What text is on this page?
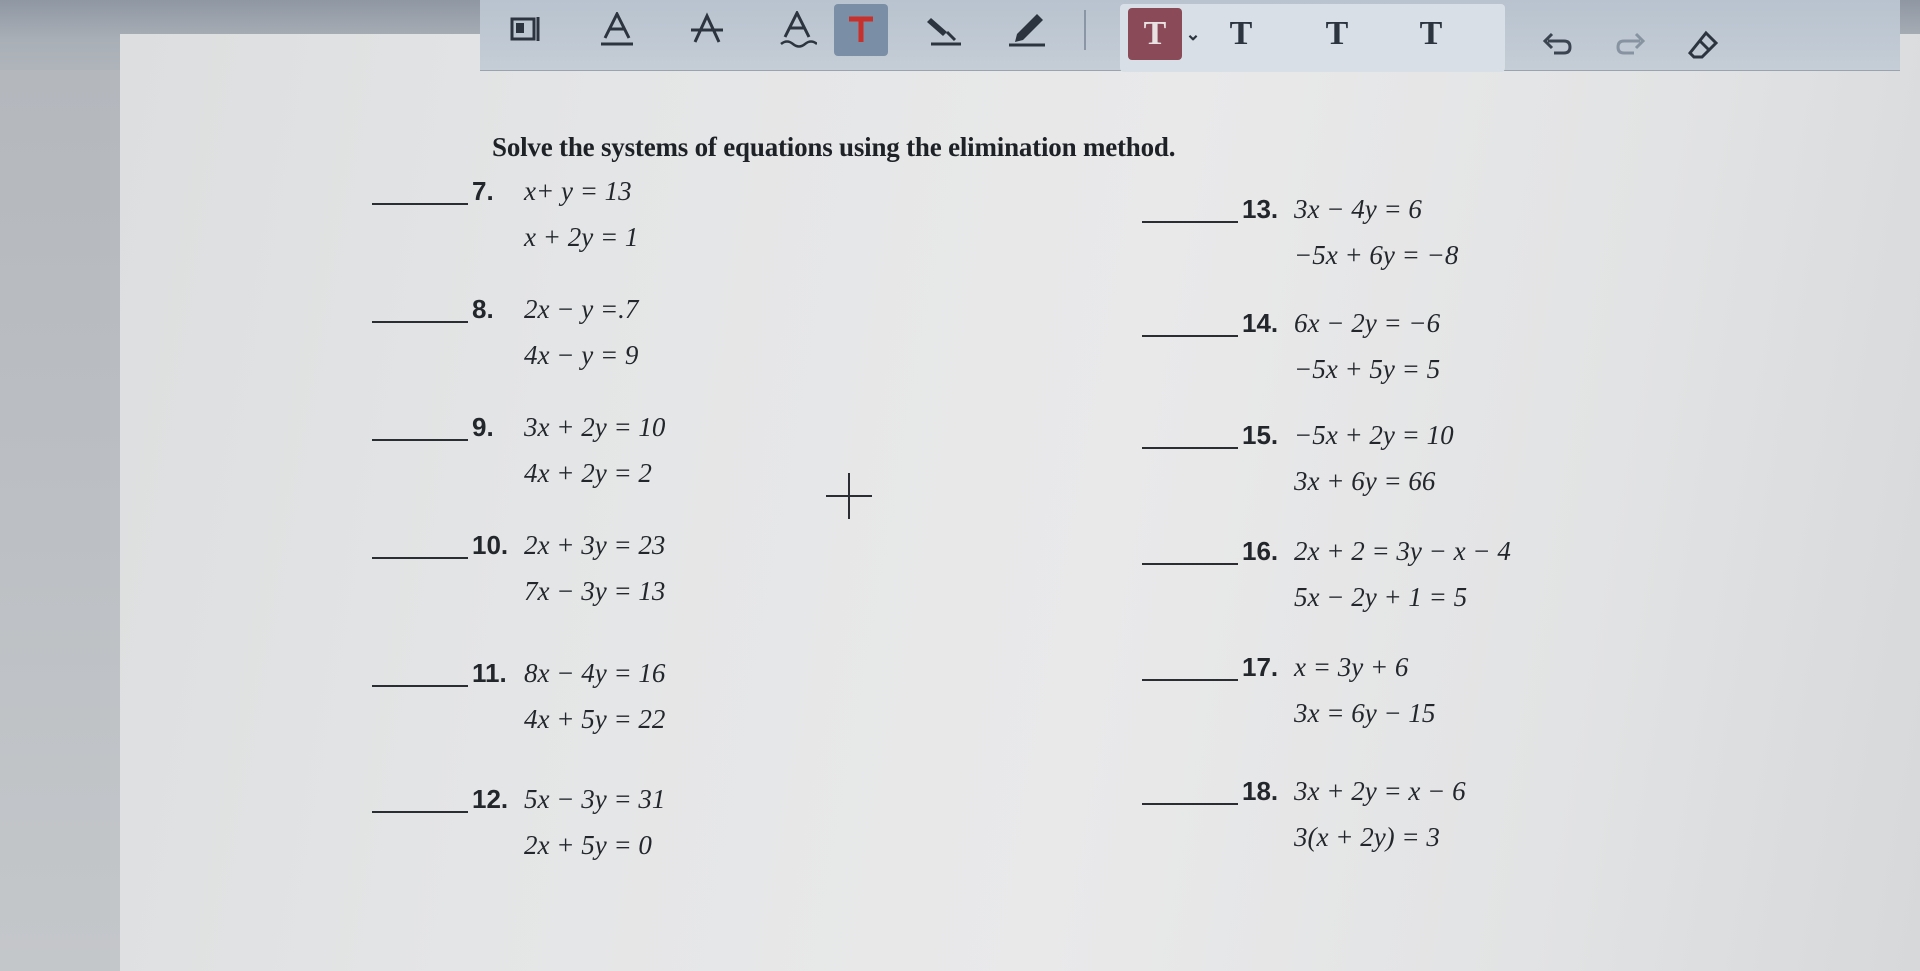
Solve the systems of equations using the elimination method.
7. x+ y = 13
x + 2y = 1
8. 2x − y =.7
4x − y = 9
9. 3x + 2y = 10
4x + 2y = 2
10. 2x + 3y = 23
7x − 3y = 13
11. 8x − 4y = 16
4x + 5y = 22
12. 5x − 3y = 31
2x + 5y = 0
13. 3x − 4y = 6
−5x + 6y = −8
14. 6x − 2y = −6
−5x + 5y = 5
15. −5x + 2y = 10
3x + 6y = 66
16. 2x + 2 = 3y − x − 4
5x − 2y + 1 = 5
17. x = 3y + 6
3x = 6y − 15
18. 3x + 2y = x − 6
3(x + 2y) = 3
T	⌄ T T T
